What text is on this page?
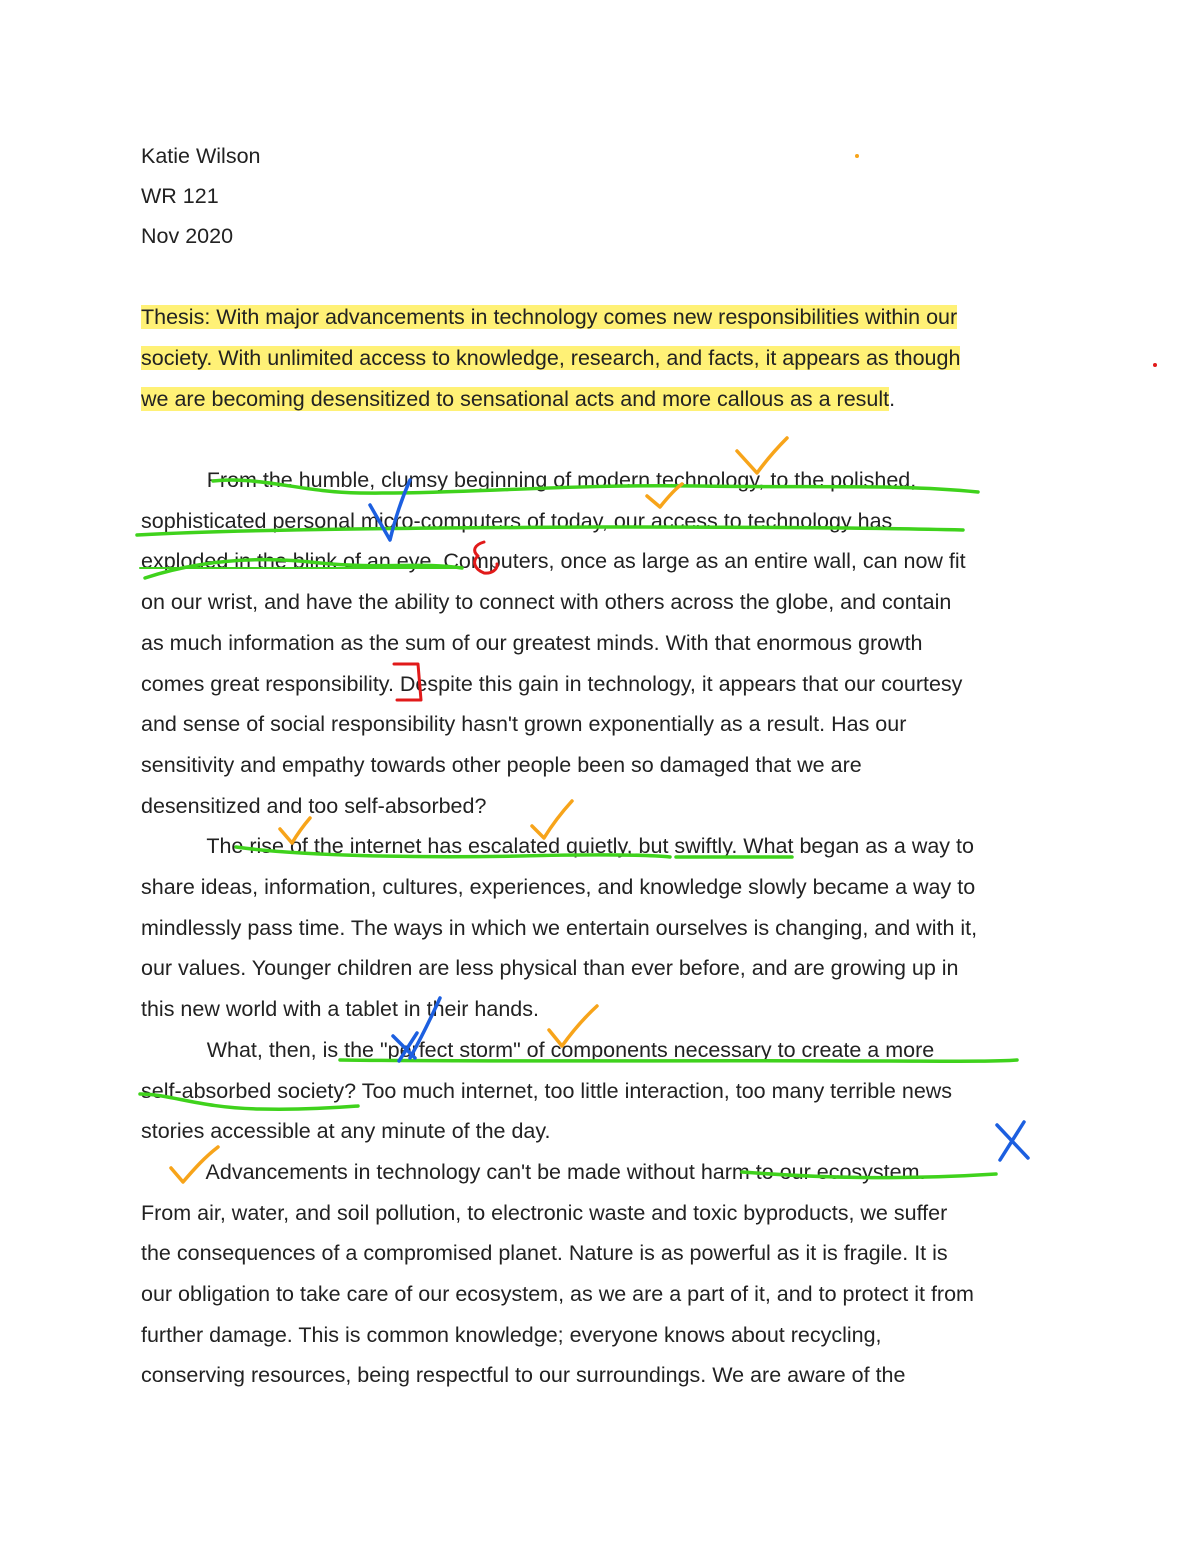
Katie Wilson
WR 121
Nov 2020
Thesis: With major advancements in technology comes new responsibilities within our
society. With unlimited access to knowledge, research, and facts, it appears as though
we are becoming desensitized to sensational acts and more callous as a result.
From the humble, clumsy beginning of modern technology, to the polished,
sophisticated personal micro-computers of today, our access to technology has
exploded in the blink of an eye. Computers, once as large as an entire wall, can now fit
on our wrist, and have the ability to connect with others across the globe, and contain
as much information as the sum of our greatest minds. With that enormous growth
comes great responsibility. Despite this gain in technology, it appears that our courtesy
and sense of social responsibility hasn't grown exponentially as a result. Has our
sensitivity and empathy towards other people been so damaged that we are
desensitized and too self-absorbed?
The rise of the internet has escalated quietly, but swiftly. What began as a way to
share ideas, information, cultures, experiences, and knowledge slowly became a way to
mindlessly pass time. The ways in which we entertain ourselves is changing, and with it,
our values. Younger children are less physical than ever before, and are growing up in
this new world with a tablet in their hands.
What, then, is the "perfect storm" of components necessary to create a more
self-absorbed society? Too much internet, too little interaction, too many terrible news
stories accessible at any minute of the day.
Advancements in technology can't be made without harm to our ecosystem.
From air, water, and soil pollution, to electronic waste and toxic byproducts, we suffer
the consequences of a compromised planet. Nature is as powerful as it is fragile. It is
our obligation to take care of our ecosystem, as we are a part of it, and to protect it from
further damage. This is common knowledge; everyone knows about recycling,
conserving resources, being respectful to our surroundings. We are aware of the
